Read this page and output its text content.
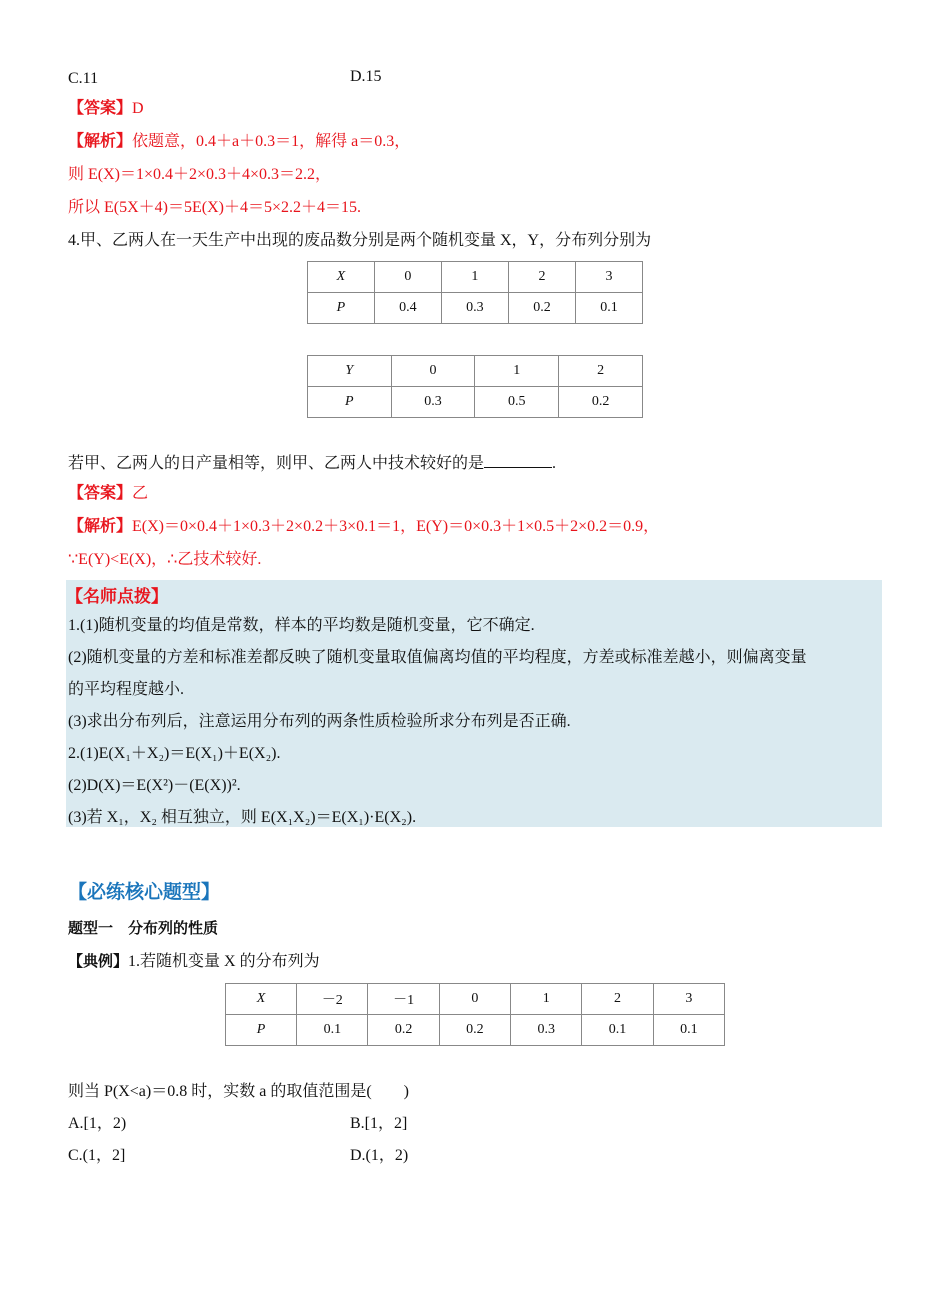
C.11	D.15
【答案】D
【解析】依题意，0.4＋a＋0.3＝1，解得 a＝0.3，
则 E(X)＝1×0.4＋2×0.3＋4×0.3＝2.2，
所以 E(5X＋4)＝5E(X)＋4＝5×2.2＋4＝15.
4.甲、乙两人在一天生产中出现的废品数分别是两个随机变量 X，Y，分布列分别为
X	0	1	2	3
P	0.4	0.3	0.2	0.1
Y	0	1	2
P	0.3	0.5	0.2
若甲、乙两人的日产量相等，则甲、乙两人中技术较好的是	.
【答案】乙
【解析】E(X)＝0×0.4＋1×0.3＋2×0.2＋3×0.1＝1，E(Y)＝0×0.3＋1×0.5＋2×0.2＝0.9，
∵E(Y)<E(X)，∴乙技术较好.
【名师点拨】
1.(1)随机变量的均值是常数，样本的平均数是随机变量，它不确定.
(2)随机变量的方差和标准差都反映了随机变量取值偏离均值的平均程度，方差或标准差越小，则偏离变量
的平均程度越小.
(3)求出分布列后，注意运用分布列的两条性质检验所求分布列是否正确.
2.(1)E(X₁＋X₂)＝E(X₁)＋E(X₂).
(2)D(X)＝E(X²)－(E(X))².
(3)若 X₁，X₂ 相互独立，则 E(X₁X₂)＝E(X₁)·E(X₂).
【必练核心题型】
题型一　分布列的性质
【典例】1.若随机变量 X 的分布列为
X	－2	－1	0	1	2	3
P	0.1	0.2	0.2	0.3	0.1	0.1
则当 P(X<a)＝0.8 时，实数 a 的取值范围是(　　)
A.[1，2)	B.[1，2]
C.(1，2]	D.(1，2)
